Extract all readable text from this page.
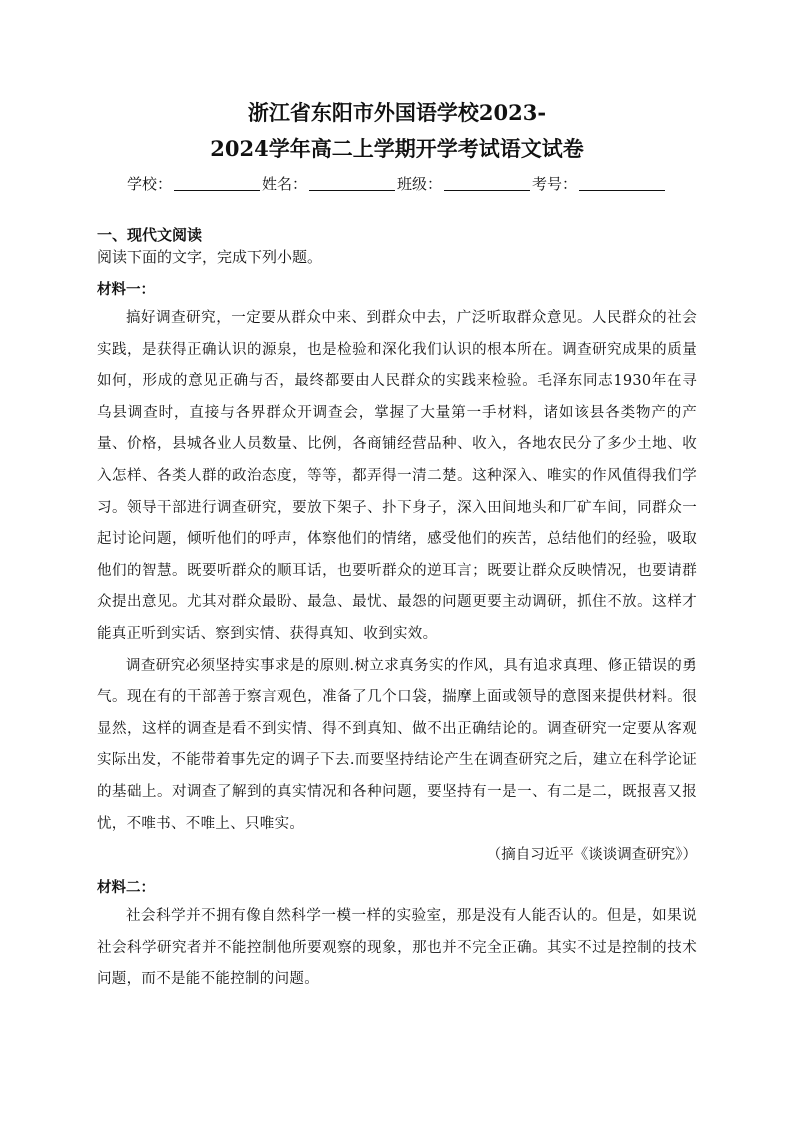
浙江省东阳市外国语学校2023-
2024学年高二上学期开学考试语文试卷
学校：	姓名：	班级：	考号：
一、现代文阅读
阅读下面的文字，完成下列小题。
材料一：

搞好调查研究，一定要从群众中来、到群众中去，广泛听取群众意见。人民群众的社会实践，是获得正确认识的源泉，也是检验和深化我们认识的根本所在。调查研究成果的质量如何，形成的意见正确与否，最终都要由人民群众的实践来检验。毛泽东同志1930年在寻乌县调查时，直接与各界群众开调查会，掌握了大量第一手材料，诸如该县各类物产的产量、价格，县城各业人员数量、比例，各商铺经营品种、收入，各地农民分了多少土地、收入怎样、各类人群的政治态度，等等，都弄得一清二楚。这种深入、唯实的作风值得我们学习。领导干部进行调查研究，要放下架子、扑下身子，深入田间地头和厂矿车间，同群众一起讨论问题，倾听他们的呼声，体察他们的情绪，感受他们的疾苦，总结他们的经验，吸取他们的智慧。既要听群众的顺耳话，也要听群众的逆耳言；既要让群众反映情况，也要请群众提出意见。尤其对群众最盼、最急、最忧、最怨的问题更要主动调研，抓住不放。这样才能真正听到实话、察到实情、获得真知、收到实效。

调查研究必须坚持实事求是的原则.树立求真务实的作风，具有追求真理、修正错误的勇气。现在有的干部善于察言观色，准备了几个口袋，揣摩上面或领导的意图来提供材料。很显然，这样的调查是看不到实情、得不到真知、做不出正确结论的。调查研究一定要从客观实际出发，不能带着事先定的调子下去.而要坚持结论产生在调查研究之后，建立在科学论证的基础上。对调查了解到的真实情况和各种问题，要坚持有一是一、有二是二，既报喜又报忧，不唯书、不唯上、只唯实。

（摘自习近平《谈谈调查研究》）

材料二：

社会科学并不拥有像自然科学一模一样的实验室，那是没有人能否认的。但是，如果说社会科学研究者并不能控制他所要观察的现象，那也并不完全正确。其实不过是控制的技术问题，而不是能不能控制的问题。
